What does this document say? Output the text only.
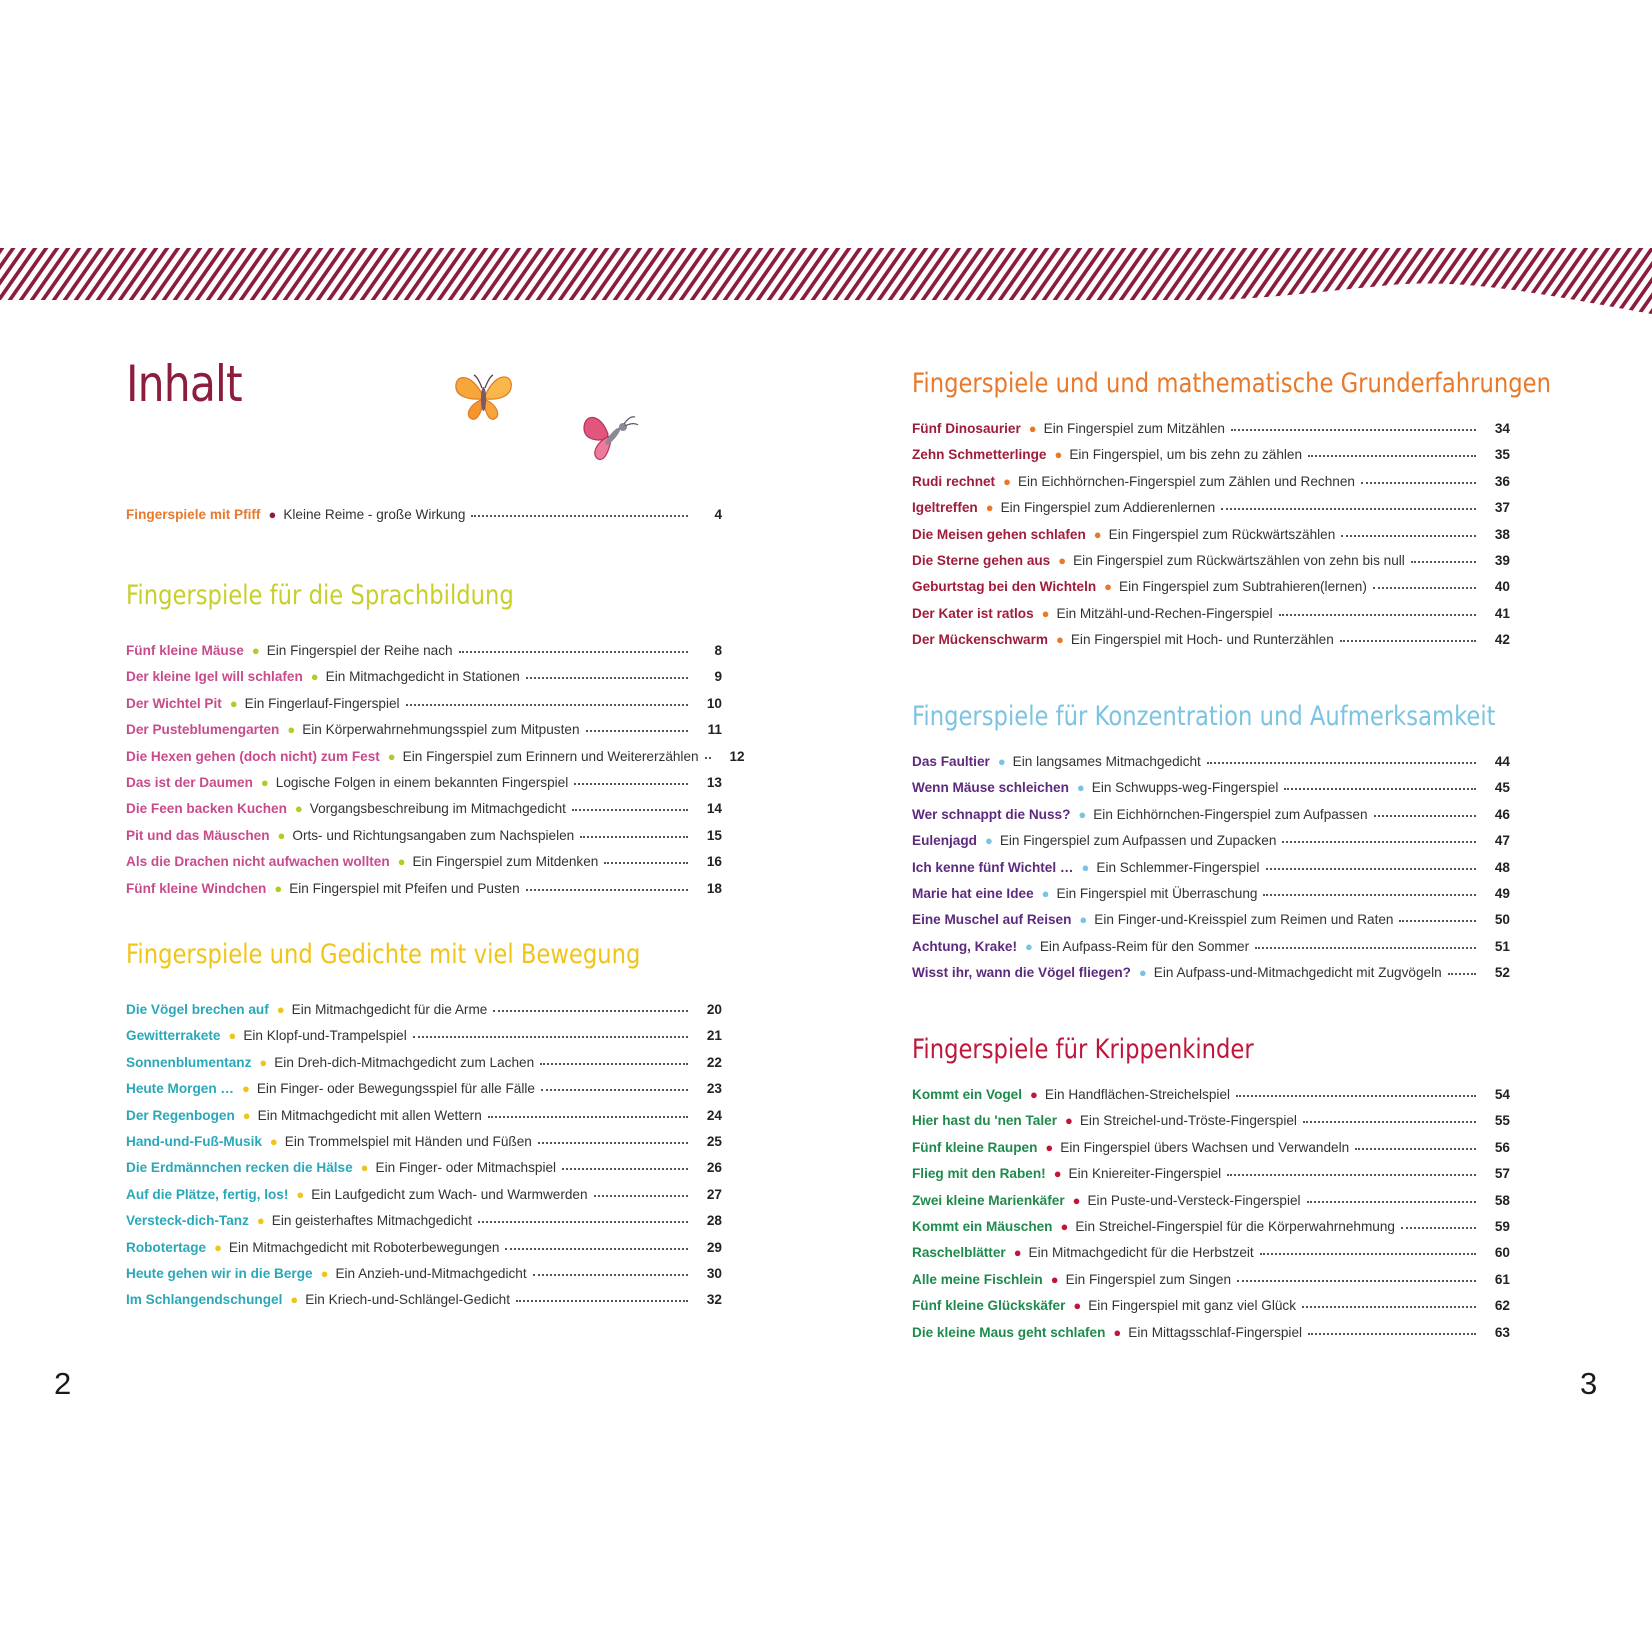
Inhalt
Fingerspiele mit Pfiff ● Kleine Reime - große Wirkung	4
Fingerspiele für die Sprachbildung
Fünf kleine Mäuse ● Ein Fingerspiel der Reihe nach	8
Der kleine Igel will schlafen ● Ein Mitmachgedicht in Stationen	9
Der Wichtel Pit ● Ein Fingerlauf-Fingerspiel	10
Der Pusteblumengarten ● Ein Körperwahrnehmungsspiel zum Mitpusten	11
Die Hexen gehen (doch nicht) zum Fest ● Ein Fingerspiel zum Erinnern und Weitererzählen	12
Das ist der Daumen ● Logische Folgen in einem bekannten Fingerspiel	13
Die Feen backen Kuchen ● Vorgangsbeschreibung im Mitmachgedicht	14
Pit und das Mäuschen ● Orts- und Richtungsangaben zum Nachspielen	15
Als die Drachen nicht aufwachen wollten ● Ein Fingerspiel zum Mitdenken	16
Fünf kleine Windchen ● Ein Fingerspiel mit Pfeifen und Pusten	18
Fingerspiele und Gedichte mit viel Bewegung
Die Vögel brechen auf ● Ein Mitmachgedicht für die Arme	20
Gewitterrakete ● Ein Klopf-und-Trampelspiel	21
Sonnenblumentanz ● Ein Dreh-dich-Mitmachgedicht zum Lachen	22
Heute Morgen … ● Ein Finger- oder Bewegungsspiel für alle Fälle	23
Der Regenbogen ● Ein Mitmachgedicht mit allen Wettern	24
Hand-und-Fuß-Musik ● Ein Trommelspiel mit Händen und Füßen	25
Die Erdmännchen recken die Hälse ● Ein Finger- oder Mitmachspiel	26
Auf die Plätze, fertig, los! ● Ein Laufgedicht zum Wach- und Warmwerden	27
Versteck-dich-Tanz ● Ein geisterhaftes Mitmachgedicht	28
Robotertage ● Ein Mitmachgedicht mit Roboterbewegungen	29
Heute gehen wir in die Berge ● Ein Anzieh-und-Mitmachgedicht	30
Im Schlangendschungel ● Ein Kriech-und-Schlängel-Gedicht	32
Fingerspiele und und mathematische Grunderfahrungen
Fünf Dinosaurier ● Ein Fingerspiel zum Mitzählen	34
Zehn Schmetterlinge ● Ein Fingerspiel, um bis zehn zu zählen	35
Rudi rechnet ● Ein Eichhörnchen-Fingerspiel zum Zählen und Rechnen	36
Igeltreffen ● Ein Fingerspiel zum Addierenlernen	37
Die Meisen gehen schlafen ● Ein Fingerspiel zum Rückwärtszählen	38
Die Sterne gehen aus ● Ein Fingerspiel zum Rückwärtszählen von zehn bis null	39
Geburtstag bei den Wichteln ● Ein Fingerspiel zum Subtrahieren(lernen)	40
Der Kater ist ratlos ● Ein Mitzähl-und-Rechen-Fingerspiel	41
Der Mückenschwarm ● Ein Fingerspiel mit Hoch- und Runterzählen	42
Fingerspiele für Konzentration und Aufmerksamkeit
Das Faultier ● Ein langsames Mitmachgedicht	44
Wenn Mäuse schleichen ● Ein Schwupps-weg-Fingerspiel	45
Wer schnappt die Nuss? ● Ein Eichhörnchen-Fingerspiel zum Aufpassen	46
Eulenjagd ● Ein Fingerspiel zum Aufpassen und Zupacken	47
Ich kenne fünf Wichtel … ● Ein Schlemmer-Fingerspiel	48
Marie hat eine Idee ● Ein Fingerspiel mit Überraschung	49
Eine Muschel auf Reisen ● Ein Finger-und-Kreisspiel zum Reimen und Raten	50
Achtung, Krake! ● Ein Aufpass-Reim für den Sommer	51
Wisst ihr, wann die Vögel fliegen? ● Ein Aufpass-und-Mitmachgedicht mit Zugvögeln	52
Fingerspiele für Krippenkinder
Kommt ein Vogel ● Ein Handflächen-Streichelspiel	54
Hier hast du 'nen Taler ● Ein Streichel-und-Tröste-Fingerspiel	55
Fünf kleine Raupen ● Ein Fingerspiel übers Wachsen und Verwandeln	56
Flieg mit den Raben! ● Ein Kniereiter-Fingerspiel	57
Zwei kleine Marienkäfer ● Ein Puste-und-Versteck-Fingerspiel	58
Kommt ein Mäuschen ● Ein Streichel-Fingerspiel für die Körperwahrnehmung	59
Raschelblätter ● Ein Mitmachgedicht für die Herbstzeit	60
Alle meine Fischlein ● Ein Fingerspiel zum Singen	61
Fünf kleine Glückskäfer ● Ein Fingerspiel mit ganz viel Glück	62
Die kleine Maus geht schlafen ● Ein Mittagsschlaf-Fingerspiel	63

2	3
